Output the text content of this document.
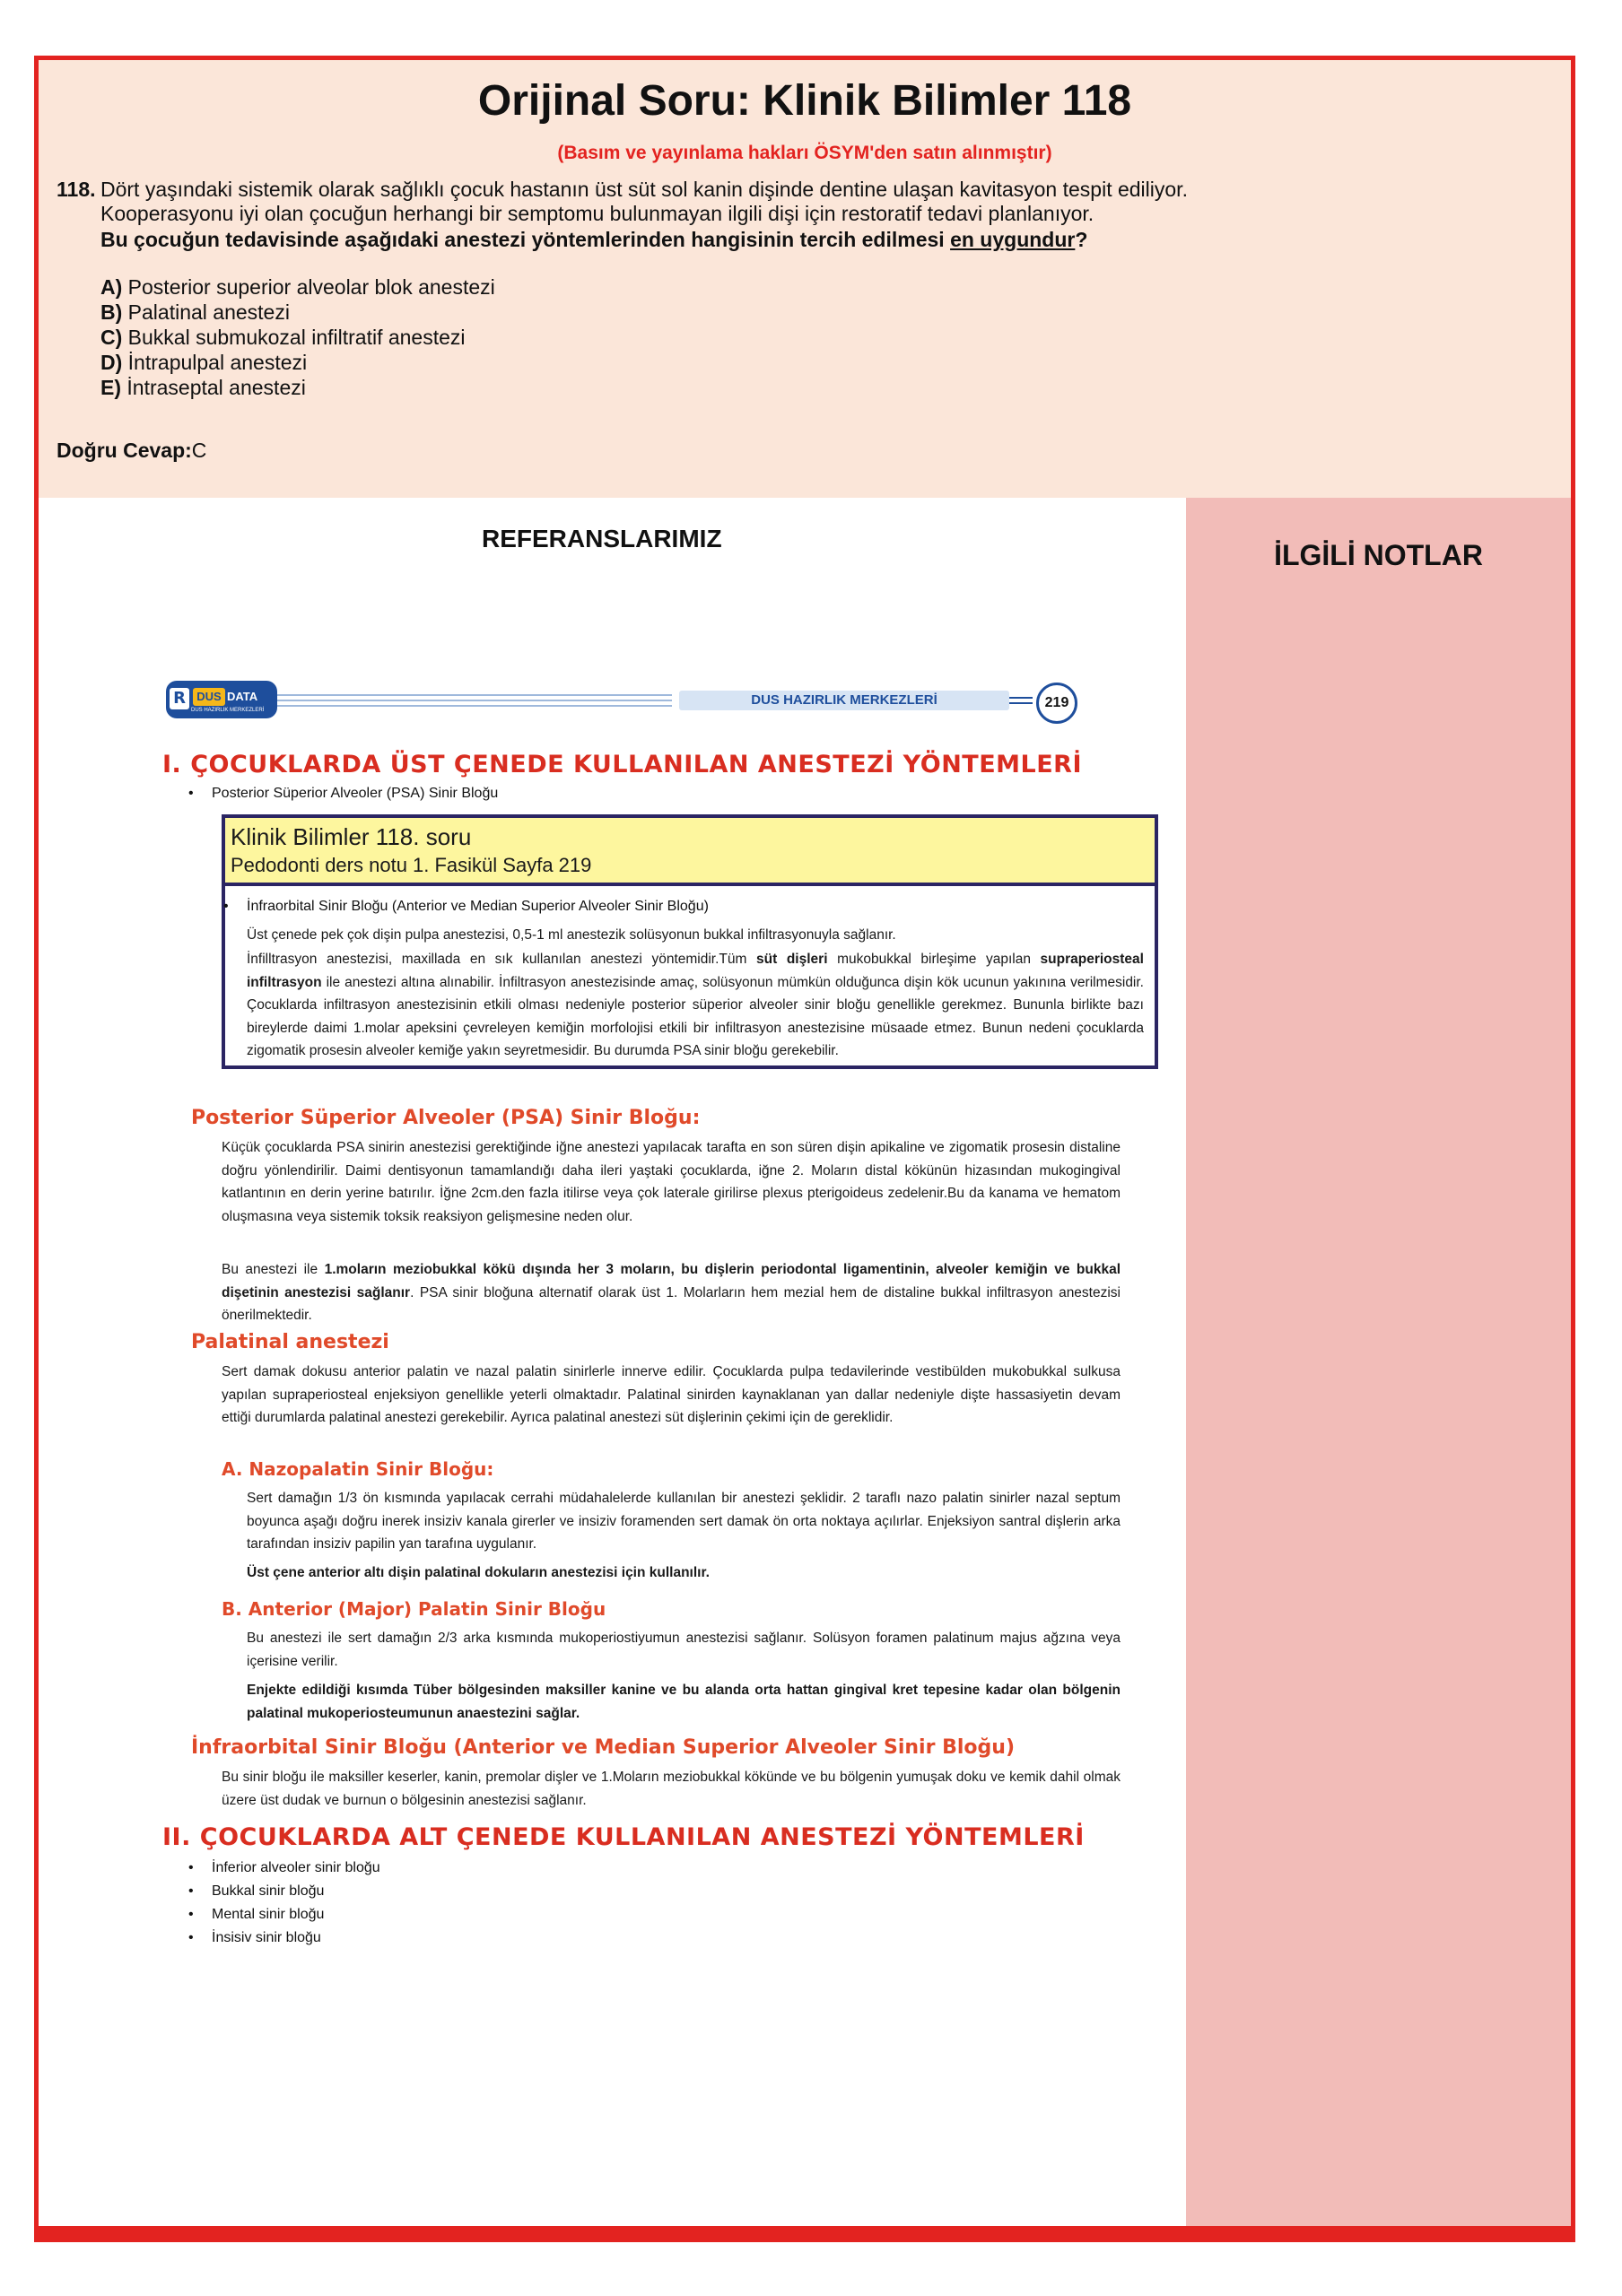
Orijinal Soru: Klinik Bilimler 118
(Basım ve yayınlama hakları ÖSYM'den satın alınmıştır)
118. Dört yaşındaki sistemik olarak sağlıklı çocuk hastanın üst süt sol kanin dişinde dentine ulaşan kavitasyon tespit ediliyor.
Kooperasyonu iyi olan çocuğun herhangi bir semptomu bulunmayan ilgili dişi için restoratif tedavi planlanıyor.
Bu çocuğun tedavisinde aşağıdaki anestezi yöntemlerinden hangisinin tercih edilmesi en uygundur?
A) Posterior superior alveolar blok anestezi
B) Palatinal anestezi
C) Bukkal submukozal infiltratif anestezi
D) İntrapulpal anestezi
E) İntraseptal anestezi
Doğru Cevap:C
REFERANSLARIMIZ
İLGİLİ NOTLAR
R DUS DATA
DUS HAZIRLIK MERKEZLERİ
DUS HAZIRLIK MERKEZLERİ	219
I. ÇOCUKLARDA ÜST ÇENEDE KULLANILAN ANESTEZİ YÖNTEMLERİ
• Posterior Süperior Alveoler (PSA) Sinir Bloğu
Klinik Bilimler 118. soru
Pedodonti ders notu 1. Fasikül Sayfa 219
• İnfraorbital Sinir Bloğu (Anterior ve Median Superior Alveoler Sinir Bloğu)
Üst çenede pek çok dişin pulpa anestezisi, 0,5-1 ml anestezik solüsyonun bukkal infiltrasyonuyla sağlanır.
İnfilltrasyon anestezisi, maxillada en sık kullanılan anestezi yöntemidir.Tüm süt dişleri mukobukkal birleşime yapılan supraperiosteal infiltrasyon ile anestezi altına alınabilir. İnfiltrasyon anestezisinde amaç, solüsyonun mümkün olduğunca dişin kök ucunun yakınına verilmesidir. Çocuklarda infiltrasyon anestezisinin etkili olması nedeniyle posterior süperior alveoler sinir bloğu genellikle gerekmez. Bununla birlikte bazı bireylerde daimi 1.molar apeksini çevreleyen kemiğin morfolojisi etkili bir infiltrasyon anestezisine müsaade etmez. Bunun nedeni çocuklarda zigomatik prosesin alveoler kemiğe yakın seyretmesidir. Bu durumda PSA sinir bloğu gerekebilir.
Posterior Süperior Alveoler (PSA) Sinir Bloğu:
Küçük çocuklarda PSA sinirin anestezisi gerektiğinde iğne anestezi yapılacak tarafta en son süren dişin apikaline ve zigomatik prosesin distaline doğru yönlendirilir. Daimi dentisyonun tamamlandığı daha ileri yaştaki çocuklarda, iğne 2. Moların distal kökünün hizasından mukogingival katlantının en derin yerine batırılır. İğne 2cm.den fazla itilirse veya çok laterale girilirse plexus pterigoideus zedelenir.Bu da kanama ve hematom oluşmasına veya sistemik toksik reaksiyon gelişmesine neden olur.
Bu anestezi ile 1.moların meziobukkal kökü dışında her 3 moların, bu dişlerin periodontal ligamentinin, alveoler kemiğin ve bukkal dişetinin anestezisi sağlanır. PSA sinir bloğuna alternatif olarak üst 1. Molarların hem mezial hem de distaline bukkal infiltrasyon anestezisi önerilmektedir.
Palatinal anestezi
Sert damak dokusu anterior palatin ve nazal palatin sinirlerle innerve edilir. Çocuklarda pulpa tedavilerinde vestibülden mukobukkal sulkusa yapılan supraperiosteal enjeksiyon genellikle yeterli olmaktadır. Palatinal sinirden kaynaklanan yan dallar nedeniyle dişte hassasiyetin devam ettiği durumlarda palatinal anestezi gerekebilir. Ayrıca palatinal anestezi süt dişlerinin çekimi için de gereklidir.
A. Nazopalatin Sinir Bloğu:
Sert damağın 1/3 ön kısmında yapılacak cerrahi müdahalelerde kullanılan bir anestezi şeklidir. 2 taraflı nazo palatin sinirler nazal septum boyunca aşağı doğru inerek insiziv kanala girerler ve insiziv foramenden sert damak ön orta noktaya açılırlar. Enjeksiyon santral dişlerin arka tarafından insiziv papilin yan tarafına uygulanır.
Üst çene anterior altı dişin palatinal dokuların anestezisi için kullanılır.
B. Anterior (Major) Palatin Sinir Bloğu
Bu anestezi ile sert damağın 2/3 arka kısmında mukoperiostiyumun anestezisi sağlanır. Solüsyon foramen palatinum majus ağzına veya içerisine verilir.
Enjekte edildiği kısımda Tüber bölgesinden maksiller kanine ve bu alanda orta hattan gingival kret tepesine kadar olan bölgenin palatinal mukoperiosteumunun anaestezini sağlar.
İnfraorbital Sinir Bloğu (Anterior ve Median Superior Alveoler Sinir Bloğu)
Bu sinir bloğu ile maksiller keserler, kanin, premolar dişler ve 1.Moların meziobukkal kökünde ve bu bölgenin yumuşak doku ve kemik dahil olmak üzere üst dudak ve burnun o bölgesinin anestezisi sağlanır.
II. ÇOCUKLARDA ALT ÇENEDE KULLANILAN ANESTEZİ YÖNTEMLERİ
• İnferior alveoler sinir bloğu
• Bukkal sinir bloğu
• Mental sinir bloğu
• İnsisiv sinir bloğu
